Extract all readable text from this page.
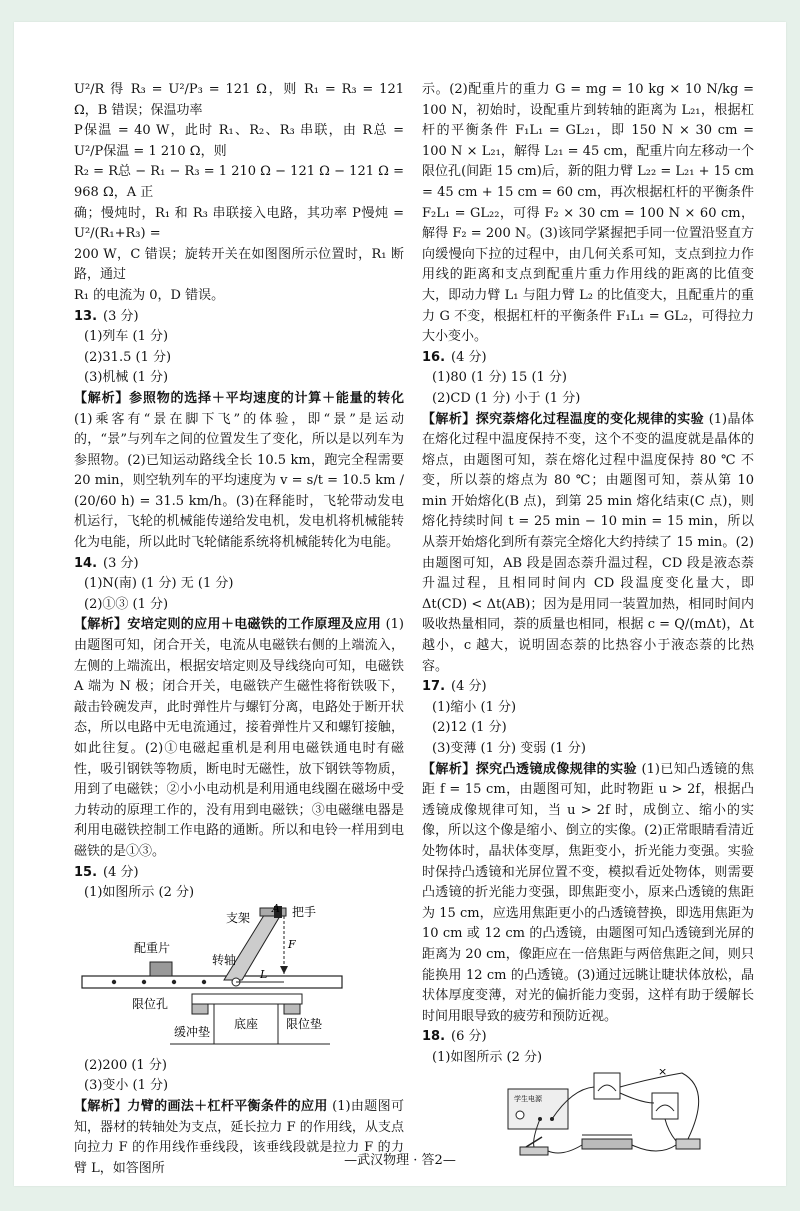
U²/R 得 R₃ = U²/P₃ = 121 Ω，则 R₁ = R₃ = 121 Ω，B 错误；保温功率

P保温 = 40 W，此时 R₁、R₂、R₃ 串联，由 R总 = U²/P保温 = 1 210 Ω，则

R₂ = R总 − R₁ − R₃ = 1 210 Ω − 121 Ω − 121 Ω = 968 Ω，A 正

确；慢炖时，R₁ 和 R₃ 串联接入电路，其功率 P慢炖 = U²/(R₁+R₃) =

200 W，C 错误；旋转开关在如图图所示位置时，R₁ 断路，通过

R₁ 的电流为 0，D 错误。

13. (3 分)

(1)列车 (1 分)

(2)31.5 (1 分)

(3)机械 (1 分)

【解析】参照物的选择＋平均速度的计算＋能量的转化 (1)乘客有“景在脚下飞”的体验，即“景”是运动的，“景”与列车之间的位置发生了变化，所以是以列车为参照物。(2)已知运动路线全长 10.5 km，跑完全程需要 20 min，则空轨列车的平均速度为 v = s/t = 10.5 km / (20/60 h) = 31.5 km/h。(3)在释能时，飞轮带动发电机运行，飞轮的机械能传递给发电机，发电机将机械能转化为电能，所以此时飞轮储能系统将机械能转化为电能。

14. (3 分)

(1)N(南) (1 分) 无 (1 分)

(2)①③ (1 分)

【解析】安培定则的应用＋电磁铁的工作原理及应用 (1)由题图可知，闭合开关，电流从电磁铁右侧的上端流入，左侧的上端流出，根据安培定则及导线绕向可知，电磁铁 A 端为 N 极；闭合开关，电磁铁产生磁性将衔铁吸下，敲击铃碗发声，此时弹性片与螺钉分离，电路处于断开状态，所以电路中无电流通过，接着弹性片又和螺钉接触，如此往复。(2)①电磁起重机是利用电磁铁通电时有磁性，吸引钢铁等物质，断电时无磁性，放下钢铁等物质，用到了电磁铁；②小小电动机是利用通电线圈在磁场中受力转动的原理工作的，没有用到电磁铁；③电磁继电器是利用电磁铁控制工作电路的通断。所以和电铃一样用到电磁铁的是①③。

15. (4 分)

(1)如图所示 (2 分)

把手
支架
配重片
转轴
限位孔
缓冲垫
底座 限位垫
A
F
L

(2)200 (1 分)

(3)变小 (1 分)

【解析】力臂的画法＋杠杆平衡条件的应用 (1)由题图可知，器材的转轴处为支点，延长拉力 F 的作用线，从支点向拉力 F 的作用线作垂线段，该垂线段就是拉力 F 的力臂 L，如答图所

示。(2)配重片的重力 G = mg = 10 kg × 10 N/kg = 100 N，初始时，设配重片到转轴的距离为 L₂₁，根据杠杆的平衡条件 F₁L₁ = GL₂₁，即 150 N × 30 cm = 100 N × L₂₁，解得 L₂₁ = 45 cm，配重片向左移动一个限位孔(间距 15 cm)后，新的阻力臂 L₂₂ = L₂₁ + 15 cm = 45 cm + 15 cm = 60 cm，再次根据杠杆的平衡条件 F₂L₁ = GL₂₂，可得 F₂ × 30 cm = 100 N × 60 cm，解得 F₂ = 200 N。(3)该同学紧握把手同一位置沿竖直方向缓慢向下拉的过程中，由几何关系可知，支点到拉力作用线的距离和支点到配重片重力作用线的距离的比值变大，即动力臂 L₁ 与阻力臂 L₂ 的比值变大，且配重片的重力 G 不变，根据杠杆的平衡条件 F₁L₁ = GL₂，可得拉力大小变小。

16. (4 分)

(1)80 (1 分) 15 (1 分)

(2)CD (1 分) 小于 (1 分)

【解析】探究萘熔化过程温度的变化规律的实验 (1)晶体在熔化过程中温度保持不变，这个不变的温度就是晶体的熔点，由题图可知，萘在熔化过程中温度保持 80 ℃ 不变，所以萘的熔点为 80 ℃；由题图可知，萘从第 10 min 开始熔化(B 点)，到第 25 min 熔化结束(C 点)，则熔化持续时间 t = 25 min − 10 min = 15 min，所以从萘开始熔化到所有萘完全熔化大约持续了 15 min。(2)由题图可知，AB 段是固态萘升温过程，CD 段是液态萘升温过程，且相同时间内 CD 段温度变化量大，即 Δt(CD) < Δt(AB)；因为是用同一装置加热，相同时间内吸收热量相同，萘的质量也相同，根据 c = Q/(mΔt)，Δt 越小，c 越大，说明固态萘的比热容小于液态萘的比热容。

17. (4 分)

(1)缩小 (1 分)

(2)12 (1 分)

(3)变薄 (1 分) 变弱 (1 分)

【解析】探究凸透镜成像规律的实验 (1)已知凸透镜的焦距 f = 15 cm，由题图可知，此时物距 u > 2f，根据凸透镜成像规律可知，当 u > 2f 时，成倒立、缩小的实像，所以这个像是缩小、倒立的实像。(2)正常眼睛看清近处物体时，晶状体变厚，焦距变小，折光能力变强。实验时保持凸透镜和光屏位置不变，模拟看近处物体，则需要凸透镜的折光能力变强，即焦距变小，原来凸透镜的焦距为 15 cm，应选用焦距更小的凸透镜替换，即选用焦距为 10 cm 或 12 cm 的凸透镜，由题图可知凸透镜到光屏的距离为 20 cm，像距应在一倍焦距与两倍焦距之间，则只能换用 12 cm 的凸透镜。(3)通过远眺让睫状体放松，晶状体厚度变薄，对光的偏折能力变弱，这样有助于缓解长时间用眼导致的疲劳和预防近视。

18. (6 分)

(1)如图所示 (2 分)

学生电源
×
—武汉物理 · 答2—
